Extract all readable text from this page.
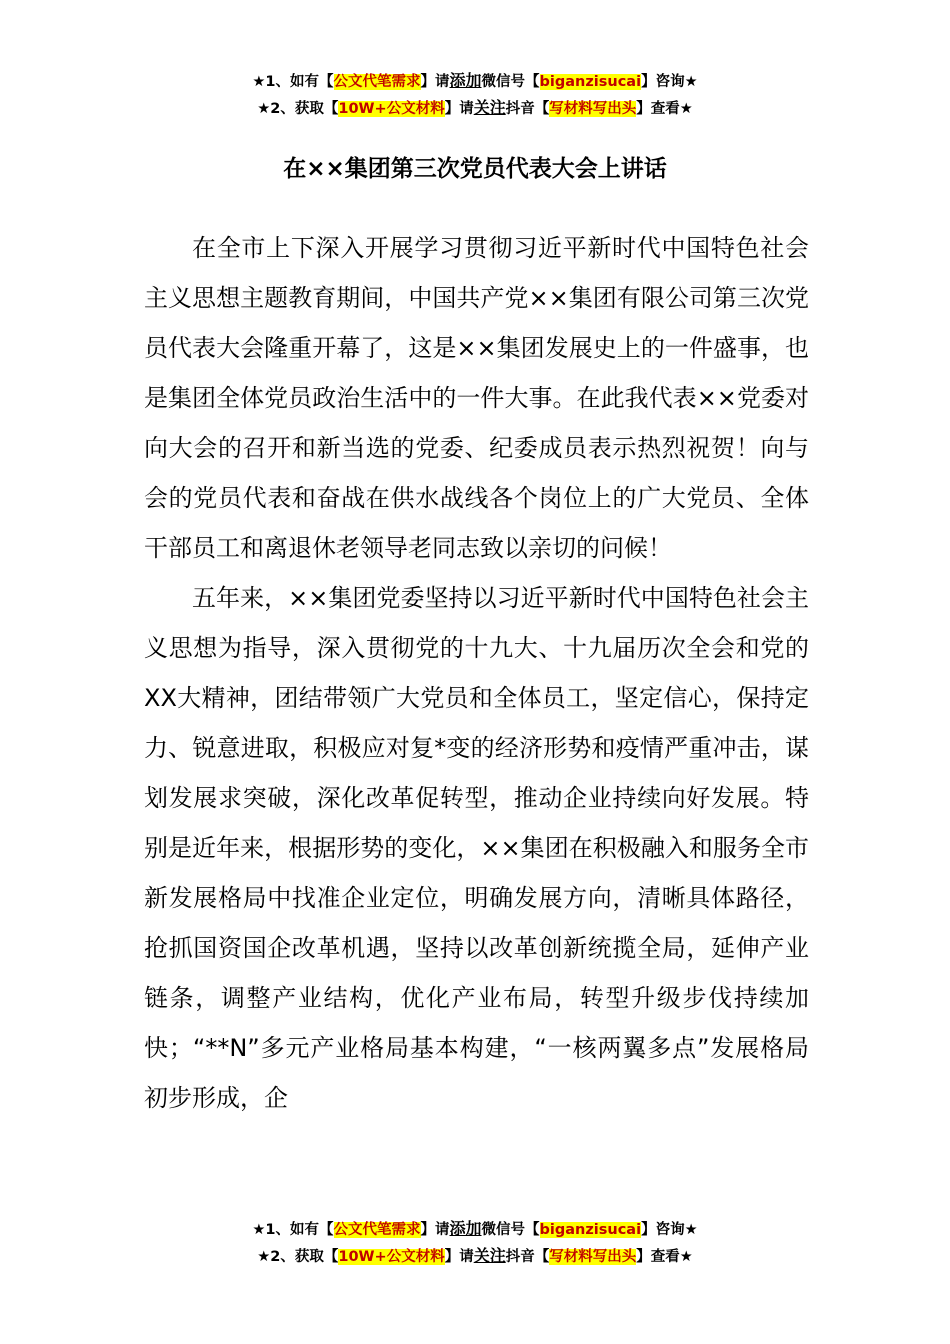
★1、如有【公文代笔需求】请添加微信号【biganzisucai】咨询★
★2、获取【10W+公文材料】请关注抖音【写材料写出头】查看★
在××集团第三次党员代表大会上讲话

在全市上下深入开展学习贯彻习近平新时代中国特色社会主义思想主题教育期间，中国共产党××集团有限公司第三次党员代表大会隆重开幕了，这是××集团发展史上的一件盛事，也是集团全体党员政治生活中的一件大事。在此我代表××党委对向大会的召开和新当选的党委、纪委成员表示热烈祝贺！向与会的党员代表和奋战在供水战线各个岗位上的广大党员、全体干部员工和离退休老领导老同志致以亲切的问候！

五年来，××集团党委坚持以习近平新时代中国特色社会主义思想为指导，深入贯彻党的十九大、十九届历次全会和党的XX大精神，团结带领广大党员和全体员工，坚定信心，保持定力、锐意进取，积极应对复*变的经济形势和疫情严重冲击，谋划发展求突破，深化改革促转型，推动企业持续向好发展。特别是近年来，根据形势的变化，××集团在积极融入和服务全市新发展格局中找准企业定位，明确发展方向，清晰具体路径，抢抓国资国企改革机遇，坚持以改革创新统揽全局，延伸产业链条，调整产业结构，优化产业布局，转型升级步伐持续加快；“**N”多元产业格局基本构建，“一核两翼多点”发展格局初步形成，企

★1、如有【公文代笔需求】请添加微信号【biganzisucai】咨询★
★2、获取【10W+公文材料】请关注抖音【写材料写出头】查看★
